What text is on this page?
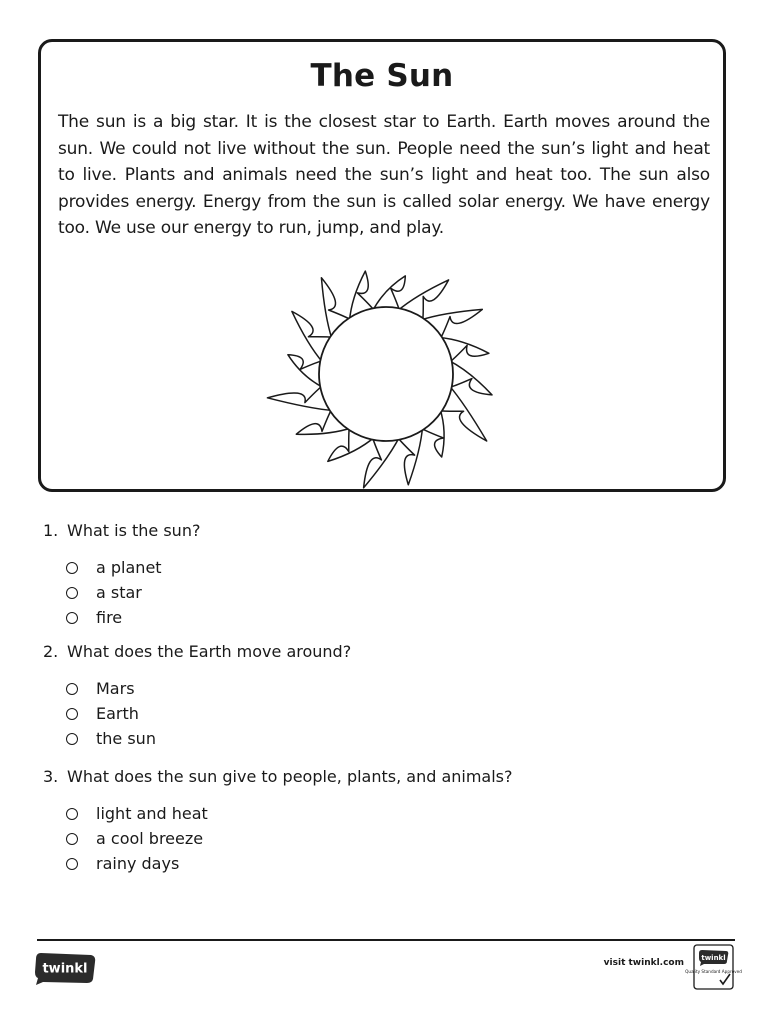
The Sun

The sun is a big star. It is the closest star to Earth. Earth moves around the sun. We could not live without the sun. People need the sun’s light and heat to live. Plants and animals need the sun’s light and heat too. The sun also provides energy. Energy from the sun is called solar energy. We have energy too. We use our energy to run, jump, and play.

1. What is the sun?
a planet
a star
fire
2. What does the Earth move around?
Mars
Earth
the sun
3. What does the sun give to people, plants, and animals?
light and heat
a cool breeze
rainy days
twinkl	visit twinkl.com twinkl
Quality Standard Approved
